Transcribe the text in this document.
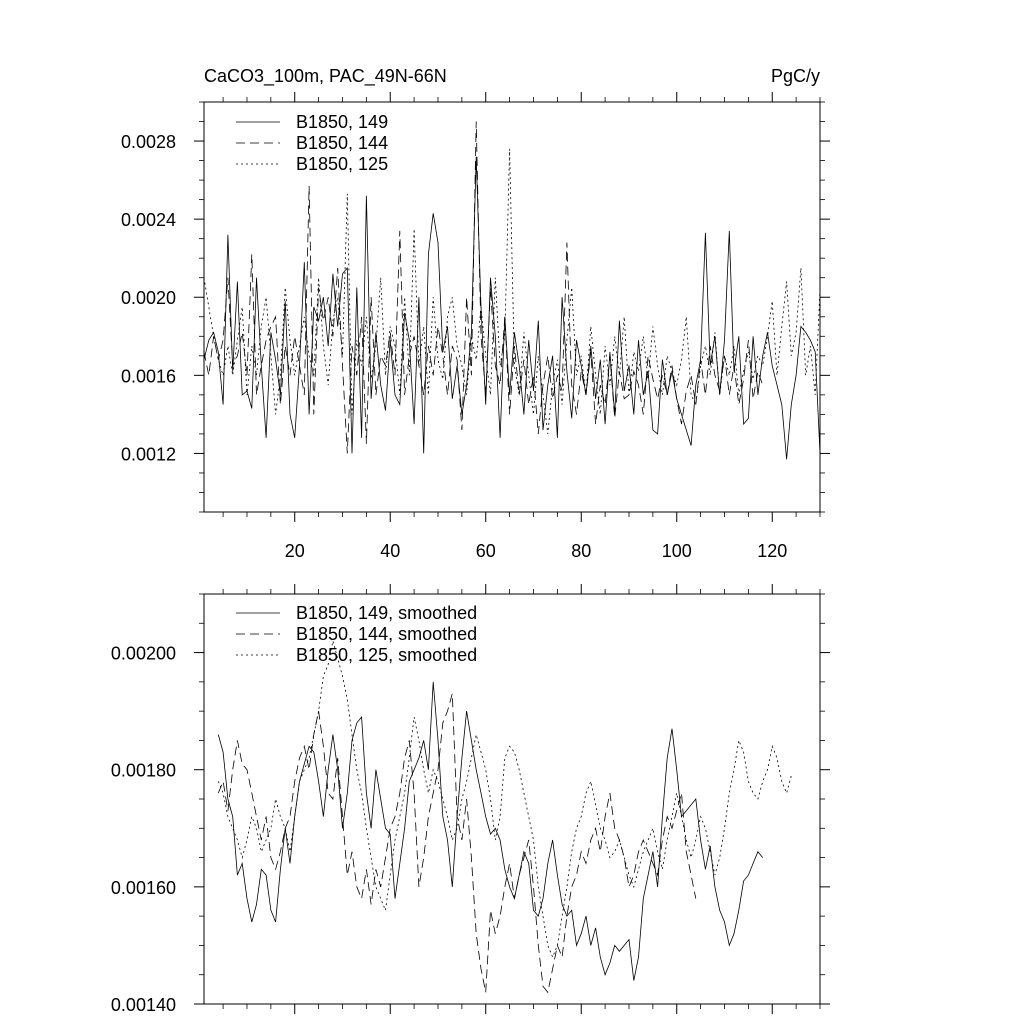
CaCO3_100m, PAC_49N-66N	PgC/y
20	40	60	80	100	120
0.0012
0.0016
0.0020
0.0024
0.0028
B1850, 149
B1850, 144
B1850, 125
0.00140
0.00160
0.00180
0.00200
B1850, 149, smoothed
B1850, 144, smoothed
B1850, 125, smoothed
